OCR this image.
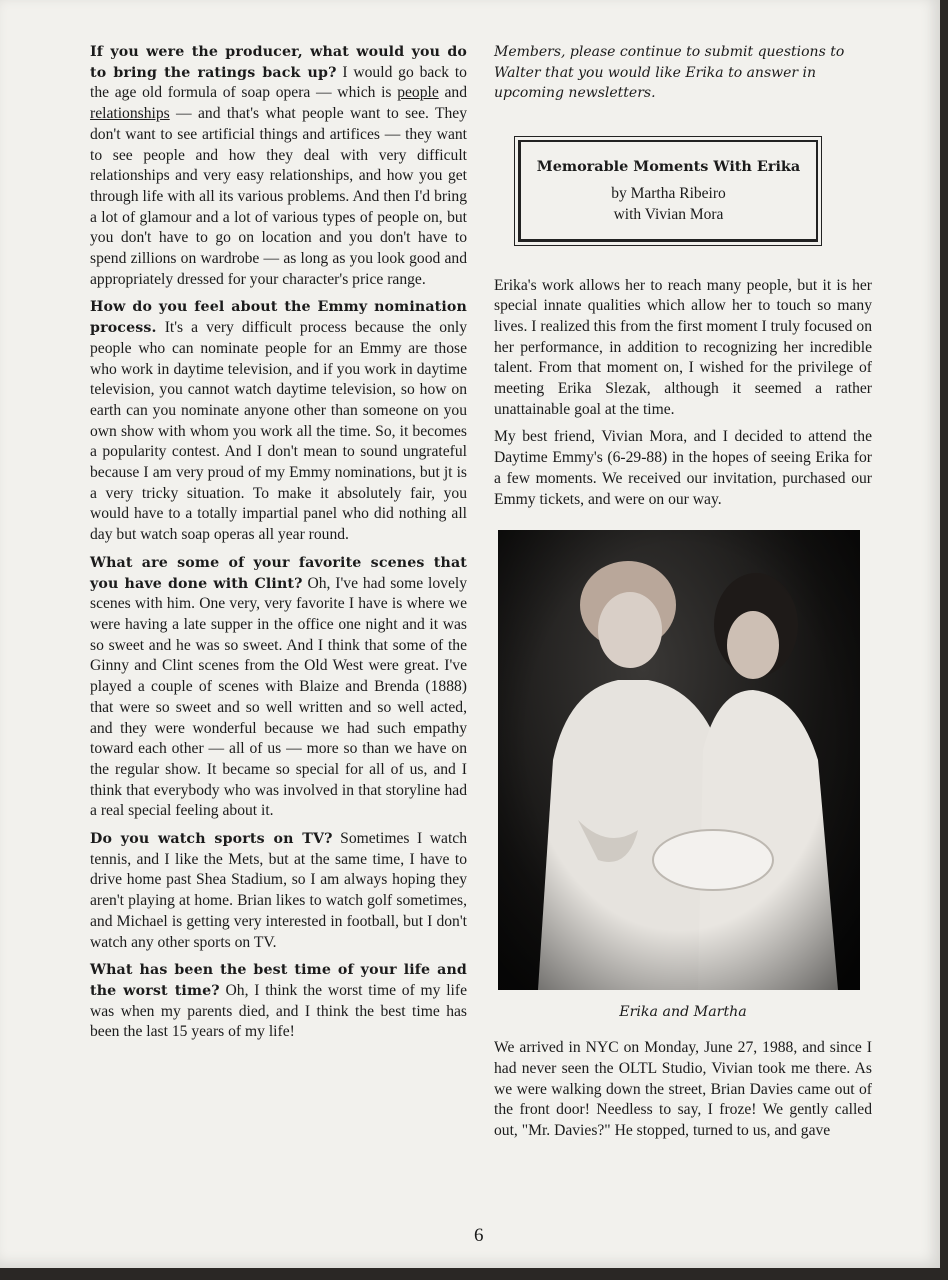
If you were the producer, what would you do to bring the ratings back up? I would go back to the age old formula of soap opera — which is people and relationships — and that's what people want to see. They don't want to see artificial things and artifices — they want to see people and how they deal with very difficult relationships and very easy relationships, and how you get through life with all its various problems. And then I'd bring a lot of glamour and a lot of various types of people on, but you don't have to go on location and you don't have to spend zillions on wardrobe — as long as you look good and appropriately dressed for your character's price range.

How do you feel about the Emmy nomination process. It's a very difficult process because the only people who can nominate people for an Emmy are those who work in daytime television, and if you work in daytime television, you cannot watch daytime television, so how on earth can you nominate anyone other than someone on you own show with whom you work all the time. So, it becomes a popularity contest. And I don't mean to sound ungrateful because I am very proud of my Emmy nominations, but jt is a very tricky situation. To make it absolutely fair, you would have to a totally impartial panel who did nothing all day but watch soap operas all year round.

What are some of your favorite scenes that you have done with Clint? Oh, I've had some lovely scenes with him. One very, very favorite I have is where we were having a late supper in the office one night and it was so sweet and he was so sweet. And I think that some of the Ginny and Clint scenes from the Old West were great. I've played a couple of scenes with Blaize and Brenda (1888) that were so sweet and so well written and so well acted, and they were wonderful because we had such empathy toward each other — all of us — more so than we have on the regular show. It became so special for all of us, and I think that everybody who was involved in that storyline had a real special feeling about it.

Do you watch sports on TV? Sometimes I watch tennis, and I like the Mets, but at the same time, I have to drive home past Shea Stadium, so I am always hoping they aren't playing at home. Brian likes to watch golf sometimes, and Michael is getting very interested in football, but I don't watch any other sports on TV.

What has been the best time of your life and the worst time? Oh, I think the worst time of my life was when my parents died, and I think the best time has been the last 15 years of my life!

Members, please continue to submit questions to Walter that you would like Erika to answer in upcoming newsletters.

Memorable Moments With Erika
by Martha Ribeiro
with Vivian Mora

Erika's work allows her to reach many people, but it is her special innate qualities which allow her to touch so many lives. I realized this from the first moment I truly focused on her performance, in addition to recognizing her incredible talent. From that moment on, I wished for the privilege of meeting Erika Slezak, although it seemed a rather unattainable goal at the time.

My best friend, Vivian Mora, and I decided to attend the Daytime Emmy's (6-29-88) in the hopes of seeing Erika for a few moments. We received our invitation, purchased our Emmy tickets, and were on our way.

Erika and Martha

We arrived in NYC on Monday, June 27, 1988, and since I had never seen the OLTL Studio, Vivian took me there. As we were walking down the street, Brian Davies came out of the front door! Needless to say, I froze! We gently called out, "Mr. Davies?" He stopped, turned to us, and gave

6
